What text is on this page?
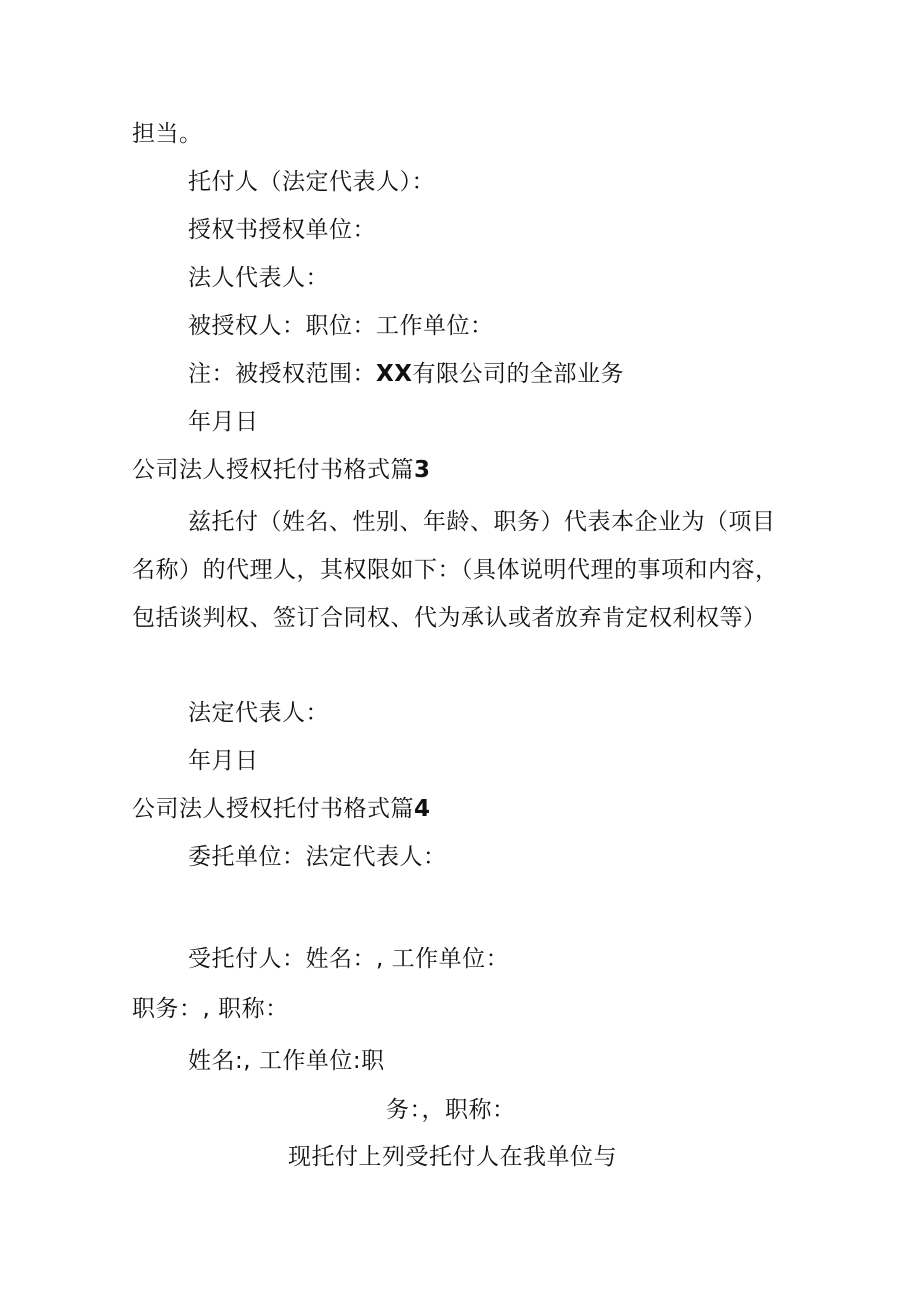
担当。
托付人（法定代表人）：
授权书授权单位：
法人代表人：
被授权人：职位：工作单位：
注：被授权范围：XX有限公司的全部业务
年月日
公司法人授权托付书格式篇3

兹托付（姓名、性别、年龄、职务）代表本企业为（项目名称）的代理人，其权限如下：（具体说明代理的事项和内容，包括谈判权、签订合同权、代为承认或者放弃肯定权利权等）

法定代表人：
年月日
公司法人授权托付书格式篇4
委托单位：法定代表人：
受托付人：姓名：, 工作单位：
职务：, 职称：
姓名:, 工作单位:职
务：，职称：
现托付上列受托付人在我单位与
